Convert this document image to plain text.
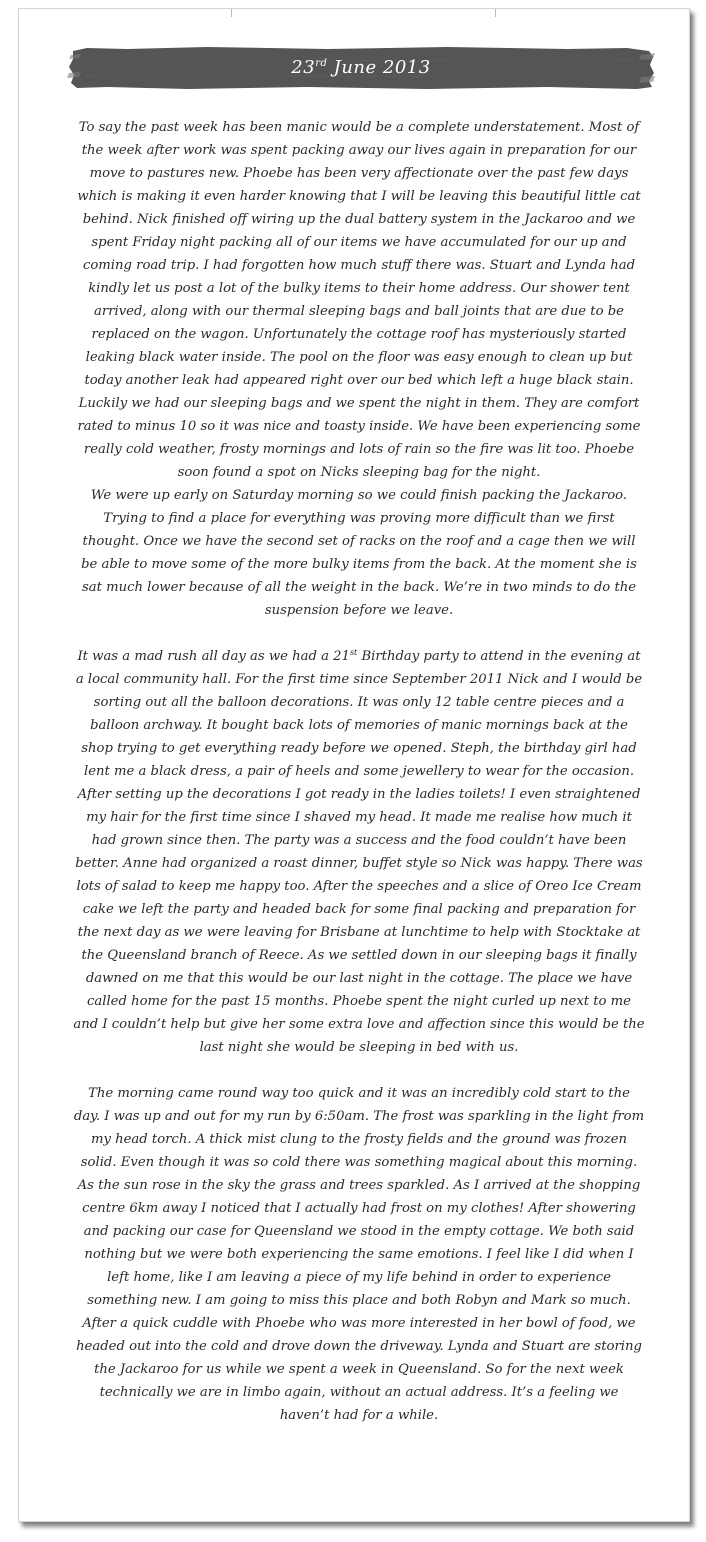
23rd June 2013
To say the past week has been manic would be a complete understatement. Most of the week after work was spent packing away our lives again in preparation for our move to pastures new. Phoebe has been very affectionate over the past few days which is making it even harder knowing that I will be leaving this beautiful little cat behind. Nick finished off wiring up the dual battery system in the Jackaroo and we spent Friday night packing all of our items we have accumulated for our up and coming road trip. I had forgotten how much stuff there was. Stuart and Lynda had kindly let us post a lot of the bulky items to their home address. Our shower tent arrived, along with our thermal sleeping bags and ball joints that are due to be replaced on the wagon. Unfortunately the cottage roof has mysteriously started leaking black water inside. The pool on the floor was easy enough to clean up but today another leak had appeared right over our bed which left a huge black stain. Luckily we had our sleeping bags and we spent the night in them. They are comfort rated to minus 10 so it was nice and toasty inside. We have been experiencing some really cold weather, frosty mornings and lots of rain so the fire was lit too. Phoebe soon found a spot on Nicks sleeping bag for the night.
We were up early on Saturday morning so we could finish packing the Jackaroo. Trying to find a place for everything was proving more difficult than we first thought. Once we have the second set of racks on the roof and a cage then we will be able to move some of the more bulky items from the back. At the moment she is sat much lower because of all the weight in the back. We’re in two minds to do the suspension before we leave.
It was a mad rush all day as we had a 21st Birthday party to attend in the evening at a local community hall. For the first time since September 2011 Nick and I would be sorting out all the balloon decorations. It was only 12 table centre pieces and a balloon archway. It bought back lots of memories of manic mornings back at the shop trying to get everything ready before we opened. Steph, the birthday girl had lent me a black dress, a pair of heels and some jewellery to wear for the occasion. After setting up the decorations I got ready in the ladies toilets! I even straightened my hair for the first time since I shaved my head. It made me realise how much it had grown since then. The party was a success and the food couldn’t have been better. Anne had organized a roast dinner, buffet style so Nick was happy. There was lots of salad to keep me happy too. After the speeches and a slice of Oreo Ice Cream cake we left the party and headed back for some final packing and preparation for the next day as we were leaving for Brisbane at lunchtime to help with Stocktake at the Queensland branch of Reece. As we settled down in our sleeping bags it finally dawned on me that this would be our last night in the cottage. The place we have called home for the past 15 months. Phoebe spent the night curled up next to me and I couldn’t help but give her some extra love and affection since this would be the last night she would be sleeping in bed with us.
The morning came round way too quick and it was an incredibly cold start to the day. I was up and out for my run by 6:50am. The frost was sparkling in the light from my head torch. A thick mist clung to the frosty fields and the ground was frozen solid. Even though it was so cold there was something magical about this morning. As the sun rose in the sky the grass and trees sparkled. As I arrived at the shopping centre 6km away I noticed that I actually had frost on my clothes! After showering and packing our case for Queensland we stood in the empty cottage. We both said nothing but we were both experiencing the same emotions. I feel like I did when I left home, like I am leaving a piece of my life behind in order to experience something new. I am going to miss this place and both Robyn and Mark so much. After a quick cuddle with Phoebe who was more interested in her bowl of food, we headed out into the cold and drove down the driveway. Lynda and Stuart are storing the Jackaroo for us while we spent a week in Queensland. So for the next week technically we are in limbo again, without an actual address. It’s a feeling we haven’t had for a while.
